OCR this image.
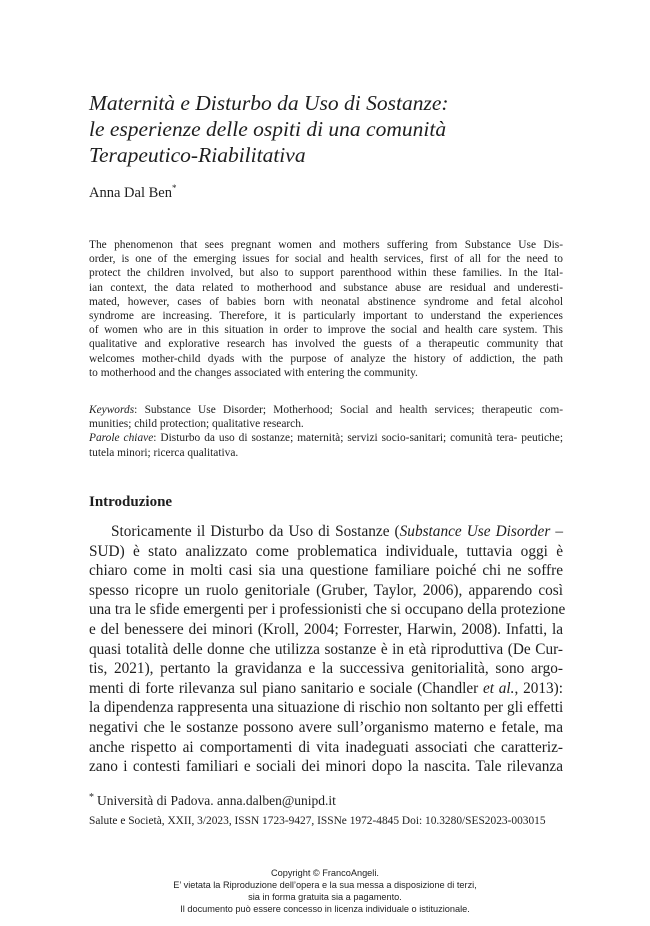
Maternità e Disturbo da Uso di Sostanze:
le esperienze delle ospiti di una comunità
Terapeutico-Riabilitativa
Anna Dal Ben*
The phenomenon that sees pregnant women and mothers suffering from Substance Use Dis-
order, is one of the emerging issues for social and health services, first of all for the need to
protect the children involved, but also to support parenthood within these families. In the Ital-
ian context, the data related to motherhood and substance abuse are residual and underesti-
mated, however, cases of babies born with neonatal abstinence syndrome and fetal alcohol
syndrome are increasing. Therefore, it is particularly important to understand the experiences
of women who are in this situation in order to improve the social and health care system. This
qualitative and explorative research has involved the guests of a therapeutic community that
welcomes mother-child dyads with the purpose of analyze the history of addiction, the path
to motherhood and the changes associated with entering the community.

Keywords: Substance Use Disorder; Motherhood; Social and health services; therapeutic com- munities; child protection; qualitative research.

Parole chiave: Disturbo da uso di sostanze; maternità; servizi socio-sanitari; comunità tera- peutiche; tutela minori; ricerca qualitativa.

Introduzione
Storicamente il Disturbo da Uso di Sostanze (Substance Use Disorder –
SUD) è stato analizzato come problematica individuale, tuttavia oggi è
chiaro come in molti casi sia una questione familiare poiché chi ne soffre
spesso ricopre un ruolo genitoriale (Gruber, Taylor, 2006), apparendo così
una tra le sfide emergenti per i professionisti che si occupano della protezione
e del benessere dei minori (Kroll, 2004; Forrester, Harwin, 2008). Infatti, la
quasi totalità delle donne che utilizza sostanze è in età riproduttiva (De Cur-
tis, 2021), pertanto la gravidanza e la successiva genitorialità, sono argo-
menti di forte rilevanza sul piano sanitario e sociale (Chandler et al., 2013):
la dipendenza rappresenta una situazione di rischio non soltanto per gli effetti
negativi che le sostanze possono avere sull’organismo materno e fetale, ma
anche rispetto ai comportamenti di vita inadeguati associati che caratteriz-
zano i contesti familiari e sociali dei minori dopo la nascita. Tale rilevanza
* Università di Padova. anna.dalben@unipd.it
Salute e Società, XXII, 3/2023, ISSN 1723-9427, ISSNe 1972-4845 Doi: 10.3280/SES2023-003015
Copyright © FrancoAngeli.
E’ vietata la Riproduzione dell’opera e la sua messa a disposizione di terzi,
sia in forma gratuita sia a pagamento.
Il documento può essere concesso in licenza individuale o istituzionale.
